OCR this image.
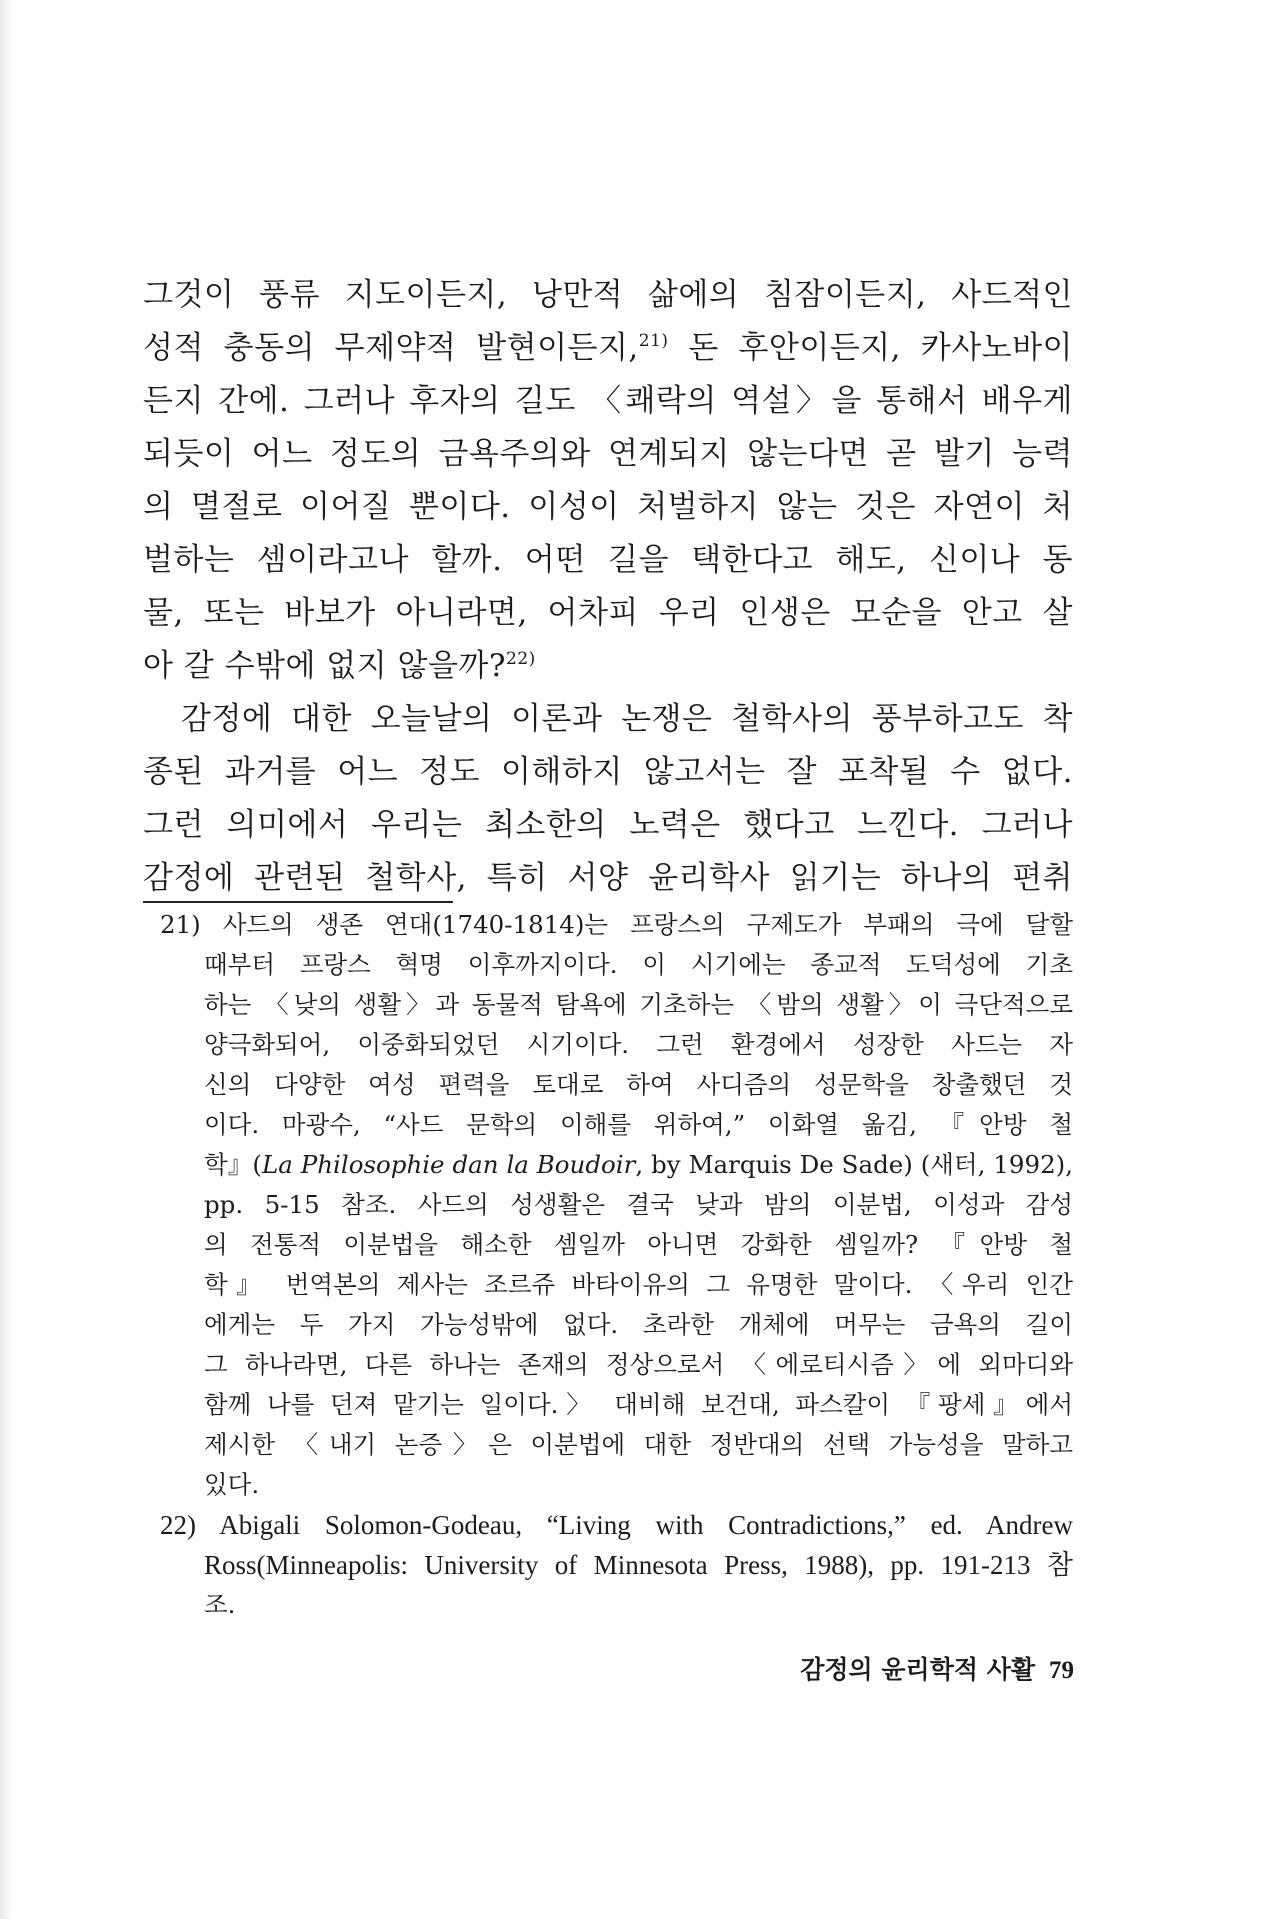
그것이 풍류 지도이든지, 낭만적 삶에의 침잠이든지, 사드적인
성적 충동의 무제약적 발현이든지,$^{21)}$ 돈 후안이든지, 카사노바이
든지 간에. 그러나 후자의 길도 〈쾌락의 역설〉을 통해서 배우게
되듯이 어느 정도의 금욕주의와 연계되지 않는다면 곧 발기 능력
의 멸절로 이어질 뿐이다. 이성이 처벌하지 않는 것은 자연이 처
벌하는 셈이라고나 할까. 어떤 길을 택한다고 해도, 신이나 동
물, 또는 바보가 아니라면, 어차피 우리 인생은 모순을 안고 살
아 갈 수밖에 없지 않을까?$^{22)}$
감정에 대한 오늘날의 이론과 논쟁은 철학사의 풍부하고도 착
종된 과거를 어느 정도 이해하지 않고서는 잘 포착될 수 없다.
그런 의미에서 우리는 최소한의 노력은 했다고 느낀다. 그러나
감정에 관련된 철학사, 특히 서양 윤리학사 읽기는 하나의 편취
21) 사드의 생존 연대(1740-1814)는 프랑스의 구제도가 부패의 극에 달할
때부터 프랑스 혁명 이후까지이다. 이 시기에는 종교적 도덕성에 기초
하는 〈낮의 생활〉과 동물적 탐욕에 기초하는 〈밤의 생활〉이 극단적으로
양극화되어, 이중화되었던 시기이다. 그런 환경에서 성장한 사드는 자
신의 다양한 여성 편력을 토대로 하여 사디즘의 성문학을 창출했던 것
이다. 마광수, “사드 문학의 이해를 위하여,” 이화열 옮김, 『안방 철
학』(La Philosophie dan la Boudoir, by Marquis De Sade) (새터, 1992),
pp. 5-15 참조. 사드의 성생활은 결국 낮과 밤의 이분법, 이성과 감성
의 전통적 이분법을 해소한 셈일까 아니면 강화한 셈일까? 『안방 철
학』 번역본의 제사는 조르쥬 바타이유의 그 유명한 말이다. 〈우리 인간
에게는 두 가지 가능성밖에 없다. 초라한 개체에 머무는 금욕의 길이
그 하나라면, 다른 하나는 존재의 정상으로서 〈에로티시즘〉에 외마디와
함께 나를 던져 맡기는 일이다.〉 대비해 보건대, 파스칼이 『팡세』에서
제시한 〈내기 논증〉은 이분법에 대한 정반대의 선택 가능성을 말하고
있다.
22) Abigali Solomon-Godeau, “Living with Contradictions,” ed. Andrew
Ross(Minneapolis: University of Minnesota Press, 1988), pp. 191-213 참
조.
감정의 윤리학적 사활 79
